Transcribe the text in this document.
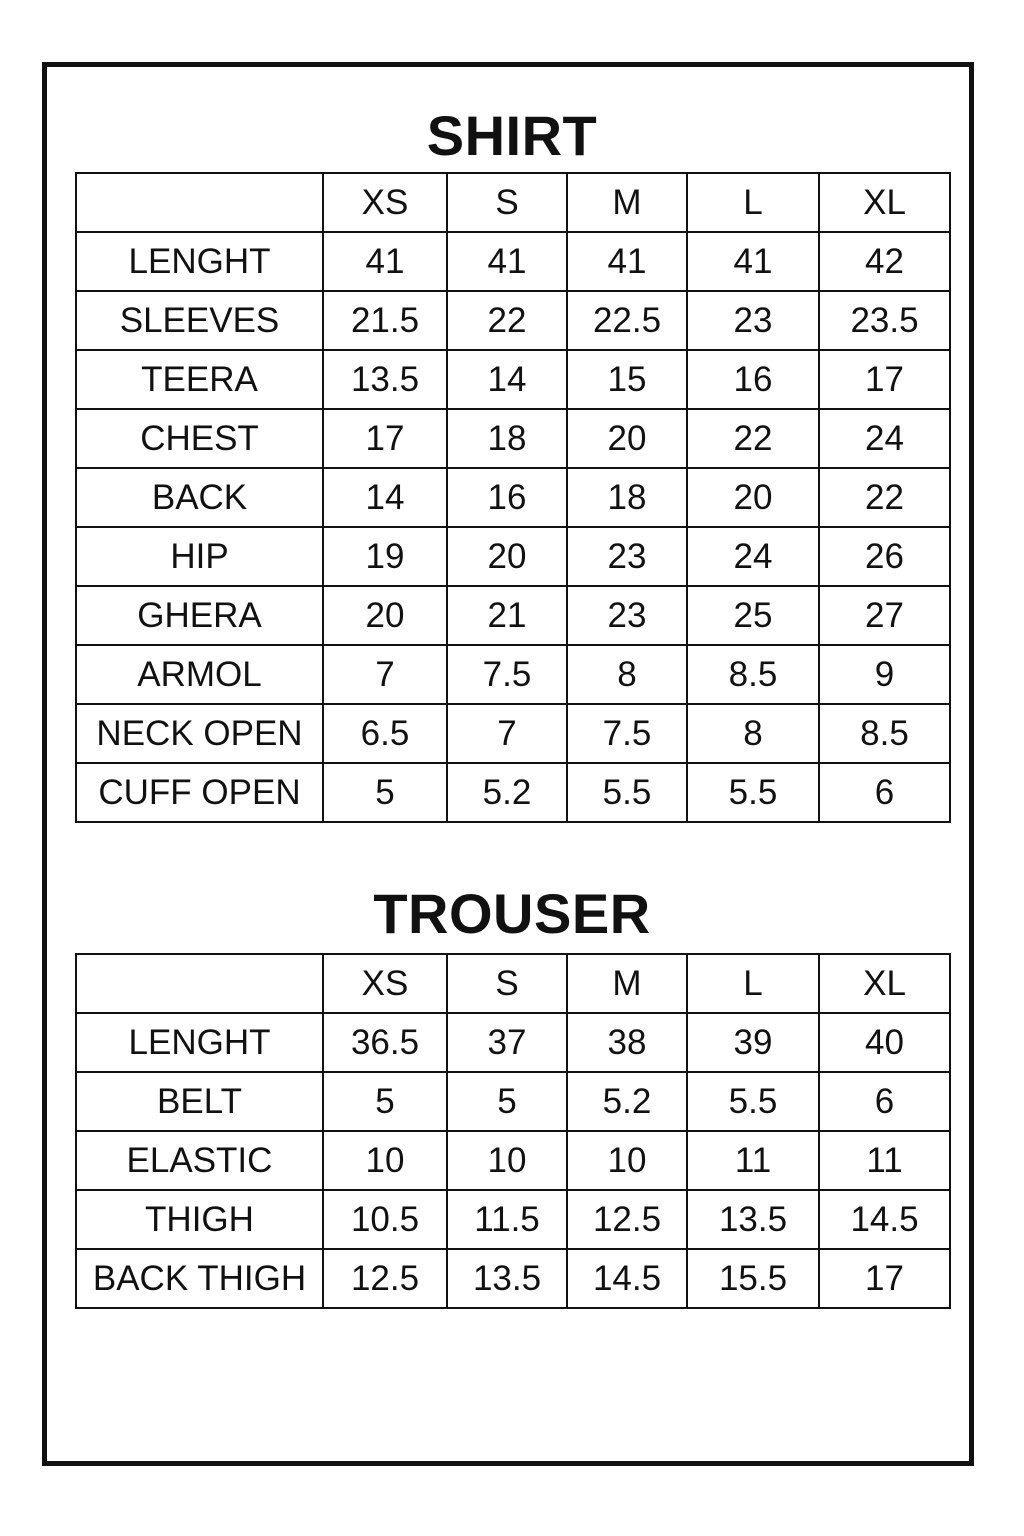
SHIRT
	XS	S	M	L	XL
LENGHT	41	41	41	41	42
SLEEVES	21.5	22	22.5	23	23.5
TEERA	13.5	14	15	16	17
CHEST	17	18	20	22	24
BACK	14	16	18	20	22
HIP	19	20	23	24	26
GHERA	20	21	23	25	27
ARMOL	7	7.5	8	8.5	9
NECK OPEN	6.5	7	7.5	8	8.5
CUFF OPEN	5	5.2	5.5	5.5	6
TROUSER
	XS	S	M	L	XL
LENGHT	36.5	37	38	39	40
BELT	5	5	5.2	5.5	6
ELASTIC	10	10	10	11	11
THIGH	10.5	11.5	12.5	13.5	14.5
BACK THIGH	12.5	13.5	14.5	15.5	17
